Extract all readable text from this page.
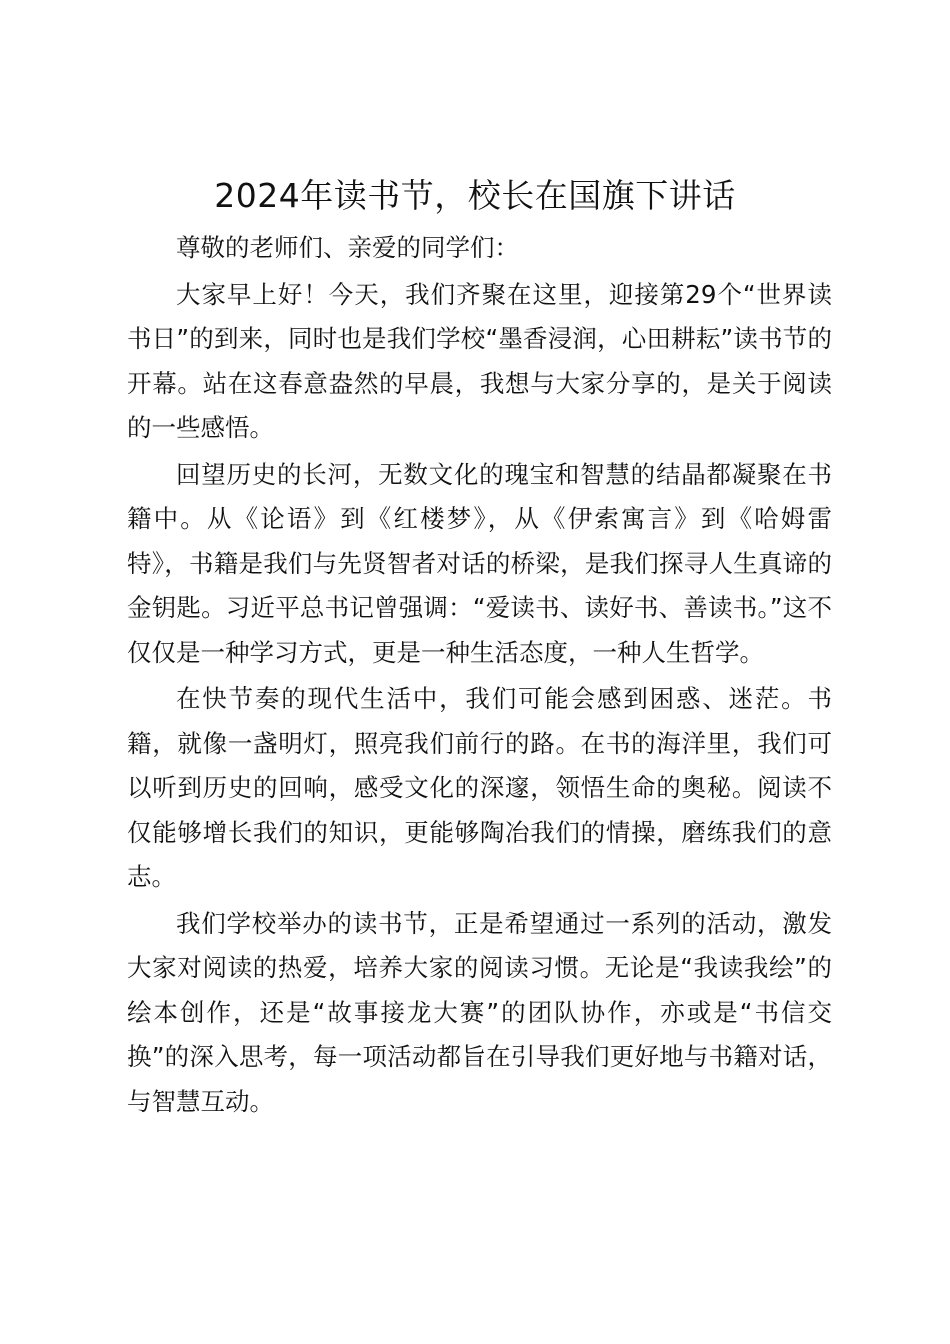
2024年读书节，校长在国旗下讲话

尊敬的老师们、亲爱的同学们：

大家早上好！今天，我们齐聚在这里，迎接第29个“世界读书日”的到来，同时也是我们学校“墨香浸润，心田耕耘”读书节的开幕。站在这春意盎然的早晨，我想与大家分享的，是关于阅读的一些感悟。

回望历史的长河，无数文化的瑰宝和智慧的结晶都凝聚在书籍中。从《论语》到《红楼梦》，从《伊索寓言》到《哈姆雷特》，书籍是我们与先贤智者对话的桥梁，是我们探寻人生真谛的金钥匙。习近平总书记曾强调：“爱读书、读好书、善读书。”这不仅仅是一种学习方式，更是一种生活态度，一种人生哲学。

在快节奏的现代生活中，我们可能会感到困惑、迷茫。书籍，就像一盏明灯，照亮我们前行的路。在书的海洋里，我们可以听到历史的回响，感受文化的深邃，领悟生命的奥秘。阅读不仅能够增长我们的知识，更能够陶冶我们的情操，磨练我们的意志。

我们学校举办的读书节，正是希望通过一系列的活动，激发大家对阅读的热爱，培养大家的阅读习惯。无论是“我读我绘”的绘本创作，还是“故事接龙大赛”的团队协作，亦或是“书信交换”的深入思考，每一项活动都旨在引导我们更好地与书籍对话，与智慧互动。
